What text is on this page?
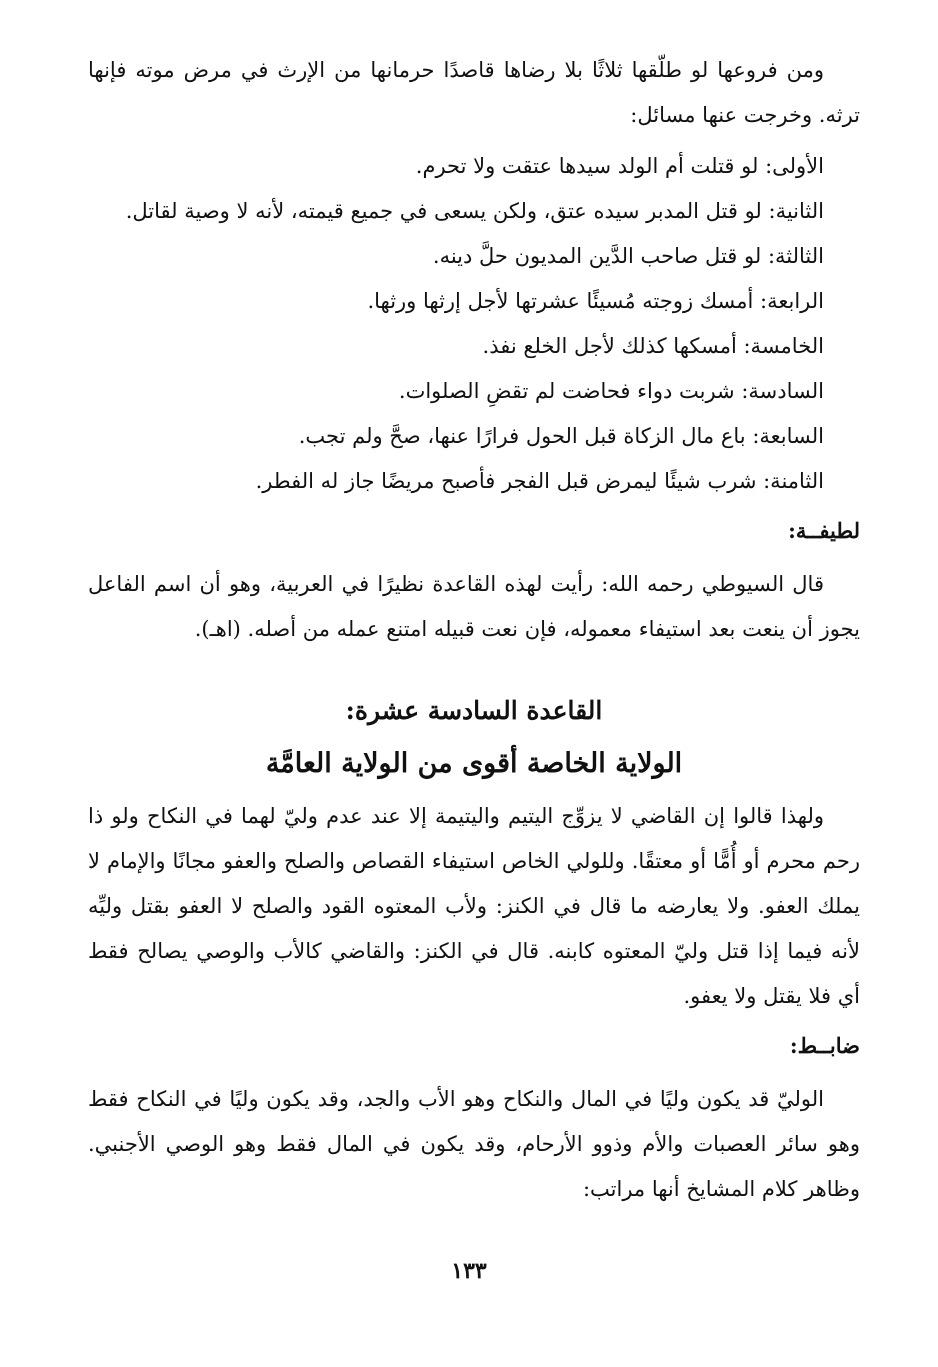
ومن فروعها لو طلّقها ثلاثًا بلا رضاها قاصدًا حرمانها من الإرث في مرض موته فإنها ترثه. وخرجت عنها مسائل:

الأولى: لو قتلت أم الولد سيدها عتقت ولا تحرم.
الثانية: لو قتل المدبر سيده عتق، ولكن يسعى في جميع قيمته، لأنه لا وصية لقاتل.
الثالثة: لو قتل صاحب الدَّين المديون حلَّ دينه.
الرابعة: أمسك زوجته مُسيئًا عشرتها لأجل إرثها ورثها.
الخامسة: أمسكها كذلك لأجل الخلع نفذ.
السادسة: شربت دواء فحاضت لم تقضِ الصلوات.
السابعة: باع مال الزكاة قبل الحول فرارًا عنها، صحَّ ولم تجب.
الثامنة: شرب شيئًا ليمرض قبل الفجر فأصبح مريضًا جاز له الفطر.
لطيفــة:

قال السيوطي رحمه الله: رأيت لهذه القاعدة نظيرًا في العربية، وهو أن اسم الفاعل يجوز أن ينعت بعد استيفاء معموله، فإن نعت قبيله امتنع عمله من أصله. (اهـ).

القاعدة السادسة عشرة:
الولاية الخاصة أقوى من الولاية العامَّة

ولهذا قالوا إن القاضي لا يزوِّج اليتيم واليتيمة إلا عند عدم وليّ لهما في النكاح ولو ذا رحم محرم أو أُمًّا أو معتقًا. وللولي الخاص استيفاء القصاص والصلح والعفو مجانًا والإمام لا يملك العفو. ولا يعارضه ما قال في الكنز: ولأب المعتوه القود والصلح لا العفو بقتل وليِّه لأنه فيما إذا قتل وليّ المعتوه كابنه. قال في الكنز: والقاضي كالأب والوصي يصالح فقط أي فلا يقتل ولا يعفو.

ضابــط:

الوليّ قد يكون وليًا في المال والنكاح وهو الأب والجد، وقد يكون وليًا في النكاح فقط وهو سائر العصبات والأم وذوو الأرحام، وقد يكون في المال فقط وهو الوصي الأجنبي. وظاهر كلام المشايخ أنها مراتب:

١٣٣
